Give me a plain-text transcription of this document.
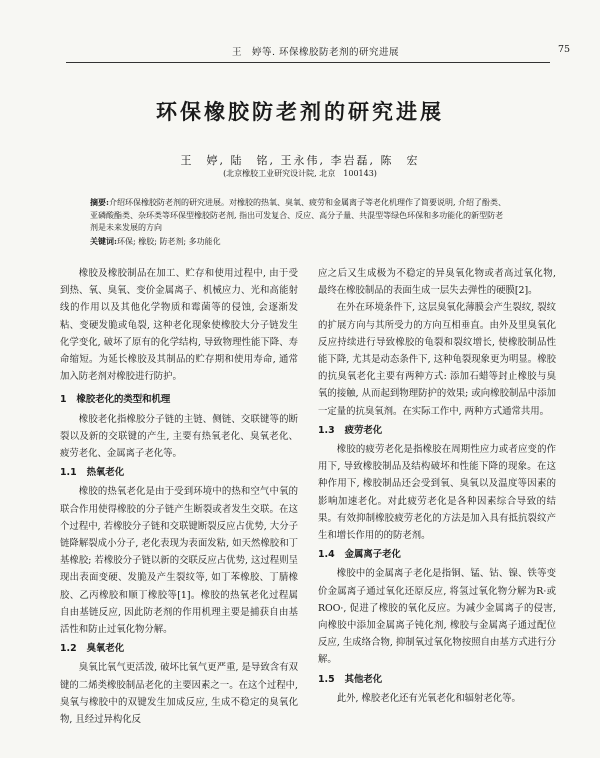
王　婷等. 环保橡胶防老剂的研究进展	75
环保橡胶防老剂的研究进展
王　婷, 陆　铭, 王永伟, 李岩磊, 陈　宏
(北京橡胶工业研究设计院, 北京　100143)
摘要:介绍环保橡胶防老剂的研究进展。对橡胶的热氧、臭氧、疲劳和金属离子等老化机理作了简要说明, 介绍了酚类、亚磷酸酯类、杂环类等环保型橡胶防老剂, 指出可发复合、反应、高分子量、共混型等绿色环保和多功能化的新型防老剂是未来发展的方向
关键词:环保; 橡胶; 防老剂; 多功能化

橡胶及橡胶制品在加工、贮存和使用过程中, 由于受到热、氧、臭氧、变价金属离子、机械应力、光和高能射线的作用以及其他化学物质和霉菌等的侵蚀, 会逐渐发粘、变硬发脆或龟裂, 这种老化现象使橡胶大分子链发生化学变化, 破坏了原有的化学结构, 导致物理性能下降、寿命缩短。为延长橡胶及其制品的贮存期和使用寿命, 通常加入防老剂对橡胶进行防护。

1 橡胶老化的类型和机理

橡胶老化指橡胶分子链的主链、侧链、交联键等的断裂以及新的交联键的产生, 主要有热氧老化、臭氧老化、疲劳老化、金属离子老化等。

1.1 热氧老化

橡胶的热氧老化是由于受到环境中的热和空气中氧的联合作用使得橡胶的分子链产生断裂或者发生交联。在这个过程中, 若橡胶分子链和交联键断裂反应占优势, 大分子链降解裂成小分子, 老化表现为表面发粘, 如天然橡胶和丁基橡胶; 若橡胶分子链以新的交联反应占优势, 这过程则呈现出表面变硬、发脆及产生裂纹等, 如丁苯橡胶、丁腈橡胶、乙丙橡胶和顺丁橡胶等[1]。橡胶的热氧老化过程属自由基链反应, 因此防老剂的作用机理主要是捕获自由基活性和防止过氧化物分解。

1.2 臭氧老化

臭氧比氧气更活泼, 破坏比氧气更严重, 是导致含有双键的二烯类橡胶制品老化的主要因素之一。在这个过程中, 臭氧与橡胶中的双键发生加成反应, 生成不稳定的臭氧化物, 且经过异构化反

应之后又生成极为不稳定的异臭氧化物或者高过氧化物, 最终在橡胶制品的表面生成一层失去弹性的硬膜[2]。

在外在环境条件下, 这层臭氧化薄膜会产生裂纹, 裂纹的扩展方向与其所受力的方向互相垂直。由外及里臭氧化反应持续进行导致橡胶的龟裂和裂纹增长, 使橡胶制品性能下降, 尤其是动态条件下, 这种龟裂现象更为明显。橡胶的抗臭氧老化主要有两种方式: 添加石蜡等封止橡胶与臭氧的接触, 从而起到物理防护的效果; 或向橡胶制品中添加一定量的抗臭氧剂。在实际工作中, 两种方式通常共用。

1.3 疲劳老化

橡胶的疲劳老化是指橡胶在周期性应力或者应变的作用下, 导致橡胶制品及结构破坏和性能下降的现象。在这种作用下, 橡胶制品还会受到氧、臭氧以及温度等因素的影响加速老化。对此疲劳老化是各种因素综合导致的结果。有效抑制橡胶疲劳老化的方法是加入具有抵抗裂纹产生和增长作用的的防老剂。

1.4 金属离子老化

橡胶中的金属离子老化是指铜、锰、钴、镍、铁等变价金属离子通过氧化还原反应, 将氢过氧化物分解为R·或ROO·, 促进了橡胶的氧化反应。为减少金属离子的侵害, 向橡胶中添加金属离子钝化剂, 橡胶与金属离子通过配位反应, 生成络合物, 抑制氧过氧化物按照自由基方式进行分解。

1.5 其他老化

此外, 橡胶老化还有光氧老化和辐射老化等。
